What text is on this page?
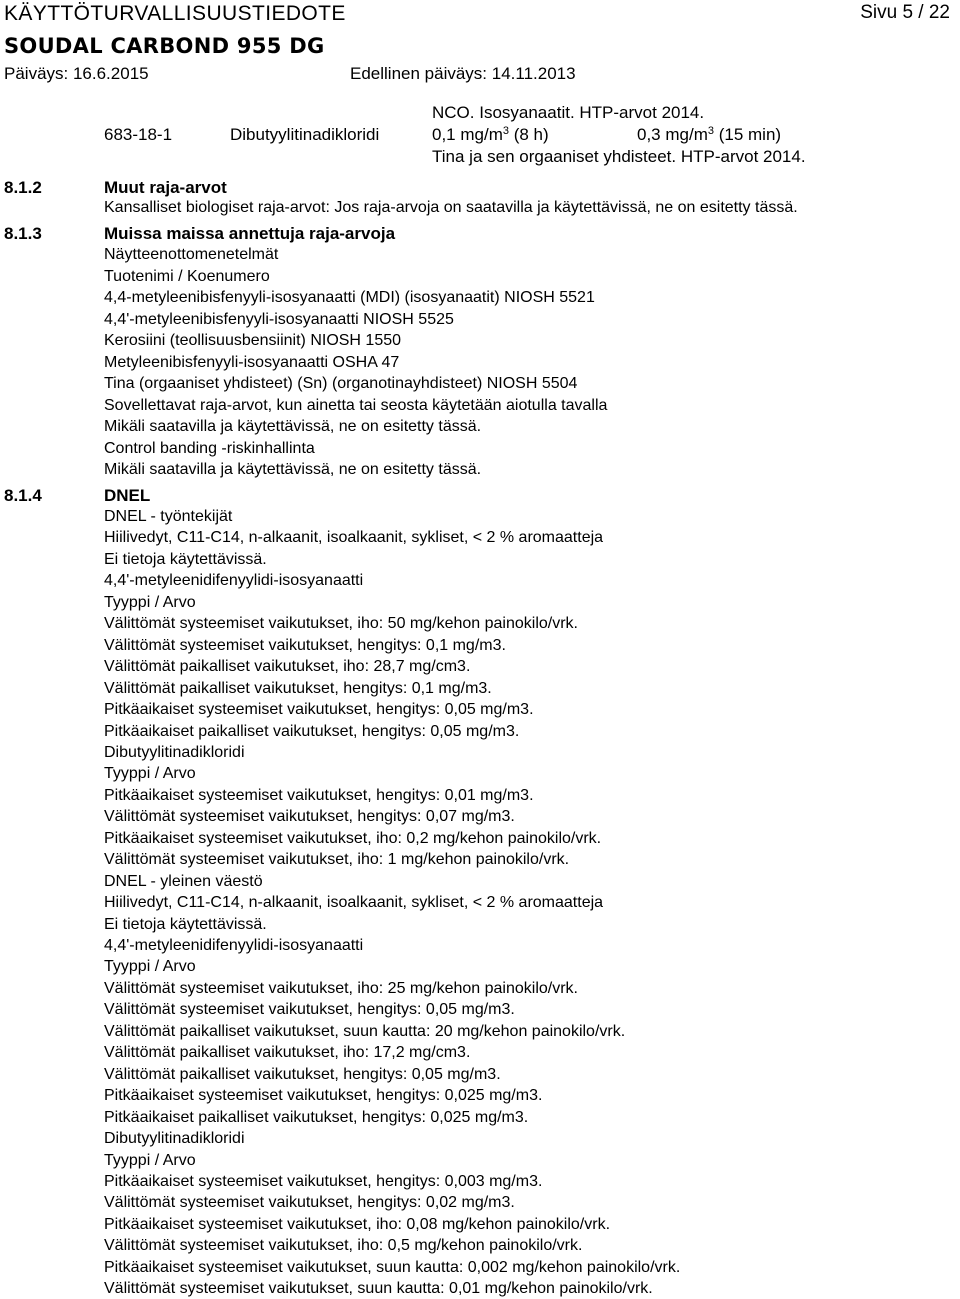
KÄYTTÖTURVALLISUUSTIEDOTE	Sivu 5 / 22
SOUDAL CARBOND 955 DG
Päiväys: 16.6.2015	Edellinen päiväys: 14.11.2013
NCO. Isosyanaatit. HTP-arvot 2014.
683-18-1	Dibutyylitinadikloridi	0,1 $mg/m^3$ (8 h)	0,3 $mg/m^3$ (15 min)
Tina ja sen orgaaniset yhdisteet. HTP-arvot 2014.
8.1.2	Muut raja-arvot
Kansalliset biologiset raja-arvot: Jos raja-arvoja on saatavilla ja käytettävissä, ne on esitetty tässä.
8.1.3	Muissa maissa annettuja raja-arvoja
Näytteenottomenetelmät
Tuotenimi / Koenumero
4,4-metyleenibisfenyyli-isosyanaatti (MDI) (isosyanaatit) NIOSH 5521
4,4'-metyleenibisfenyyli-isosyanaatti NIOSH 5525
Kerosiini (teollisuusbensiinit) NIOSH 1550
Metyleenibisfenyyli-isosyanaatti OSHA 47
Tina (orgaaniset yhdisteet) (Sn) (organotinayhdisteet) NIOSH 5504
Sovellettavat raja-arvot, kun ainetta tai seosta käytetään aiotulla tavalla
Mikäli saatavilla ja käytettävissä, ne on esitetty tässä.
Control banding -riskinhallinta
Mikäli saatavilla ja käytettävissä, ne on esitetty tässä.
8.1.4	DNEL
DNEL - työntekijät
Hiilivedyt, C11-C14, n-alkaanit, isoalkaanit, sykliset, < 2 % aromaatteja
Ei tietoja käytettävissä.
4,4'-metyleenidifenyylidi-isosyanaatti
Tyyppi / Arvo
Välittömät systeemiset vaikutukset, iho: 50 mg/kehon painokilo/vrk.
Välittömät systeemiset vaikutukset, hengitys: 0,1 mg/m3.
Välittömät paikalliset vaikutukset, iho: 28,7 mg/cm3.
Välittömät paikalliset vaikutukset, hengitys: 0,1 mg/m3.
Pitkäaikaiset systeemiset vaikutukset, hengitys: 0,05 mg/m3.
Pitkäaikaiset paikalliset vaikutukset, hengitys: 0,05 mg/m3.
Dibutyylitinadikloridi
Tyyppi / Arvo
Pitkäaikaiset systeemiset vaikutukset, hengitys: 0,01 mg/m3.
Välittömät systeemiset vaikutukset, hengitys: 0,07 mg/m3.
Pitkäaikaiset systeemiset vaikutukset, iho: 0,2 mg/kehon painokilo/vrk.
Välittömät systeemiset vaikutukset, iho: 1 mg/kehon painokilo/vrk.
DNEL - yleinen väestö
Hiilivedyt, C11-C14, n-alkaanit, isoalkaanit, sykliset, < 2 % aromaatteja
Ei tietoja käytettävissä.
4,4'-metyleenidifenyylidi-isosyanaatti
Tyyppi / Arvo
Välittömät systeemiset vaikutukset, iho: 25 mg/kehon painokilo/vrk.
Välittömät systeemiset vaikutukset, hengitys: 0,05 mg/m3.
Välittömät paikalliset vaikutukset, suun kautta: 20 mg/kehon painokilo/vrk.
Välittömät paikalliset vaikutukset, iho: 17,2 mg/cm3.
Välittömät paikalliset vaikutukset, hengitys: 0,05 mg/m3.
Pitkäaikaiset systeemiset vaikutukset, hengitys: 0,025 mg/m3.
Pitkäaikaiset paikalliset vaikutukset, hengitys: 0,025 mg/m3.
Dibutyylitinadikloridi
Tyyppi / Arvo
Pitkäaikaiset systeemiset vaikutukset, hengitys: 0,003 mg/m3.
Välittömät systeemiset vaikutukset, hengitys: 0,02 mg/m3.
Pitkäaikaiset systeemiset vaikutukset, iho: 0,08 mg/kehon painokilo/vrk.
Välittömät systeemiset vaikutukset, iho: 0,5 mg/kehon painokilo/vrk.
Pitkäaikaiset systeemiset vaikutukset, suun kautta: 0,002 mg/kehon painokilo/vrk.
Välittömät systeemiset vaikutukset, suun kautta: 0,01 mg/kehon painokilo/vrk.
